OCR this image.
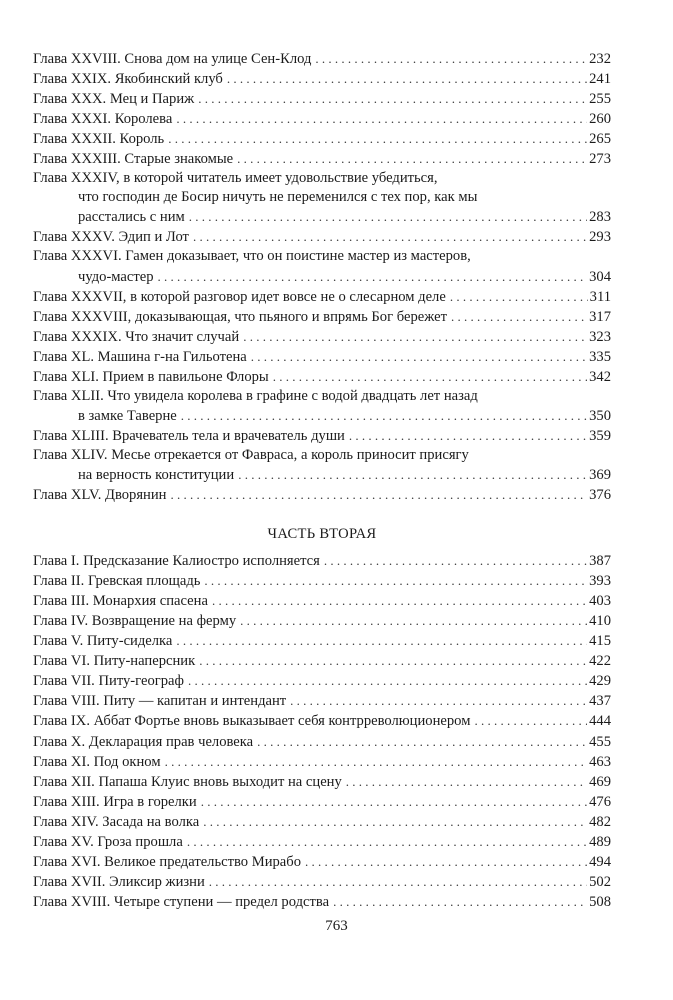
Глава XXVIII. Снова дом на улице Сен-Клод . . .	232
Глава XXIX. Якобинский клуб . . .	241
Глава XXX. Мец и Париж . . .	255
Глава XXXI. Королева . . .	260
Глава XXXII. Король . . .	265
Глава XXXIII. Старые знакомые . . .	273
Глава XXXIV, в которой читатель имеет удовольствие убедиться,
что господин де Босир ничуть не переменился с тех пор, как мы
расстались с ним . . .	283
Глава XXXV. Эдип и Лот . . .	293
Глава XXXVI. Гамен доказывает, что он поистине мастер из мастеров,
чудо-мастер . . .	304
Глава XXXVII, в которой разговор идет вовсе не о слесарном деле . . .	311
Глава XXXVIII, доказывающая, что пьяного и впрямь Бог бережет . . .	317
Глава XXXIX. Что значит случай . . .	323
Глава XL. Машина г-на Гильотена . . .	335
Глава XLI. Прием в павильоне Флоры . . .	342
Глава XLII. Что увидела королева в графине с водой двадцать лет назад
в замке Таверне . . .	350
Глава XLIII. Врачеватель тела и врачеватель души . . .	359
Глава XLIV. Месье отрекается от Фавраса, а король приносит присягу
на верность конституции . . .	369
Глава XLV. Дворянин . . .	376
ЧАСТЬ ВТОРАЯ
Глава I. Предсказание Калиостро исполняется . . .	387
Глава II. Гревская площадь . . .	393
Глава III. Монархия спасена . . .	403
Глава IV. Возвращение на ферму . . .	410
Глава V. Питу-сиделка . . .	415
Глава VI. Питу-наперсник . . .	422
Глава VII. Питу-географ . . .	429
Глава VIII. Питу — капитан и интендант . . .	437
Глава IX. Аббат Фортье вновь выказывает себя контрреволюционером . . .	444
Глава X. Декларация прав человека . . .	455
Глава XI. Под окном . . .	463
Глава XII. Папаша Клуис вновь выходит на сцену . . .	469
Глава XIII. Игра в горелки . . .	476
Глава XIV. Засада на волка . . .	482
Глава XV. Гроза прошла . . .	489
Глава XVI. Великое предательство Мирабо . . .	494
Глава XVII. Эликсир жизни . . .	502
Глава XVIII. Четыре ступени — предел родства . . .	508
763
